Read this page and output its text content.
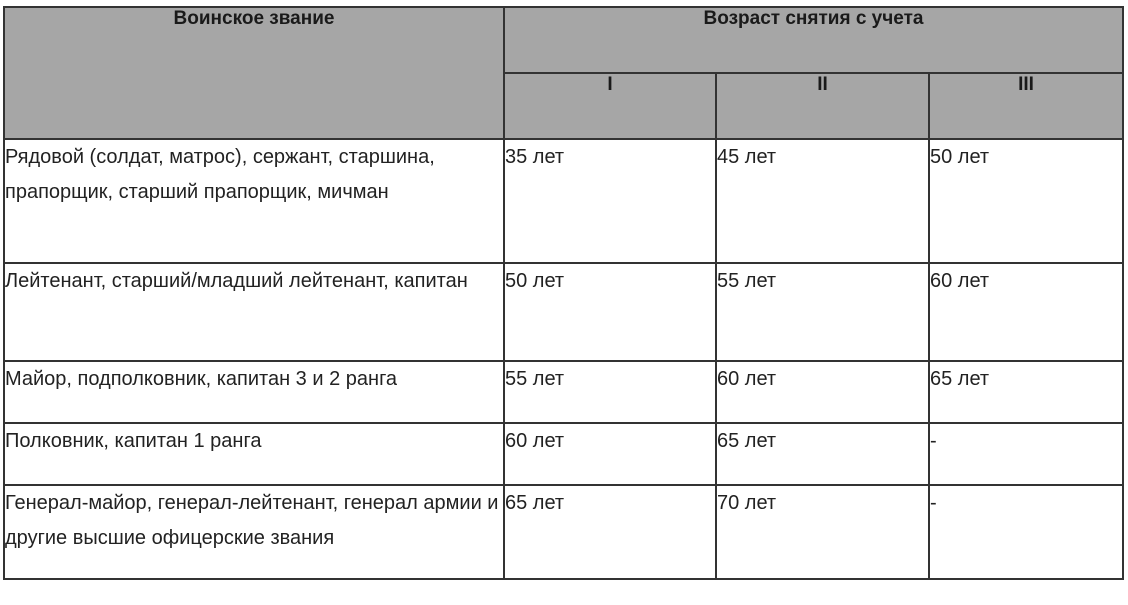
Воинское звание	Возраст снятия с учета		
	I	II	III
Рядовой (солдат, матрос), сержант, старшина, прапорщик, старший прапорщик, мичман	35 лет	45 лет	50 лет
Лейтенант, старший/младший лейтенант, капитан	50 лет	55 лет	60 лет
Майор, подполковник, капитан 3 и 2 ранга	55 лет	60 лет	65 лет
Полковник, капитан 1 ранга	60 лет	65 лет	-
Генерал-майор, генерал-лейтенант, генерал армии и другие высшие офицерские звания	65 лет	70 лет	-
